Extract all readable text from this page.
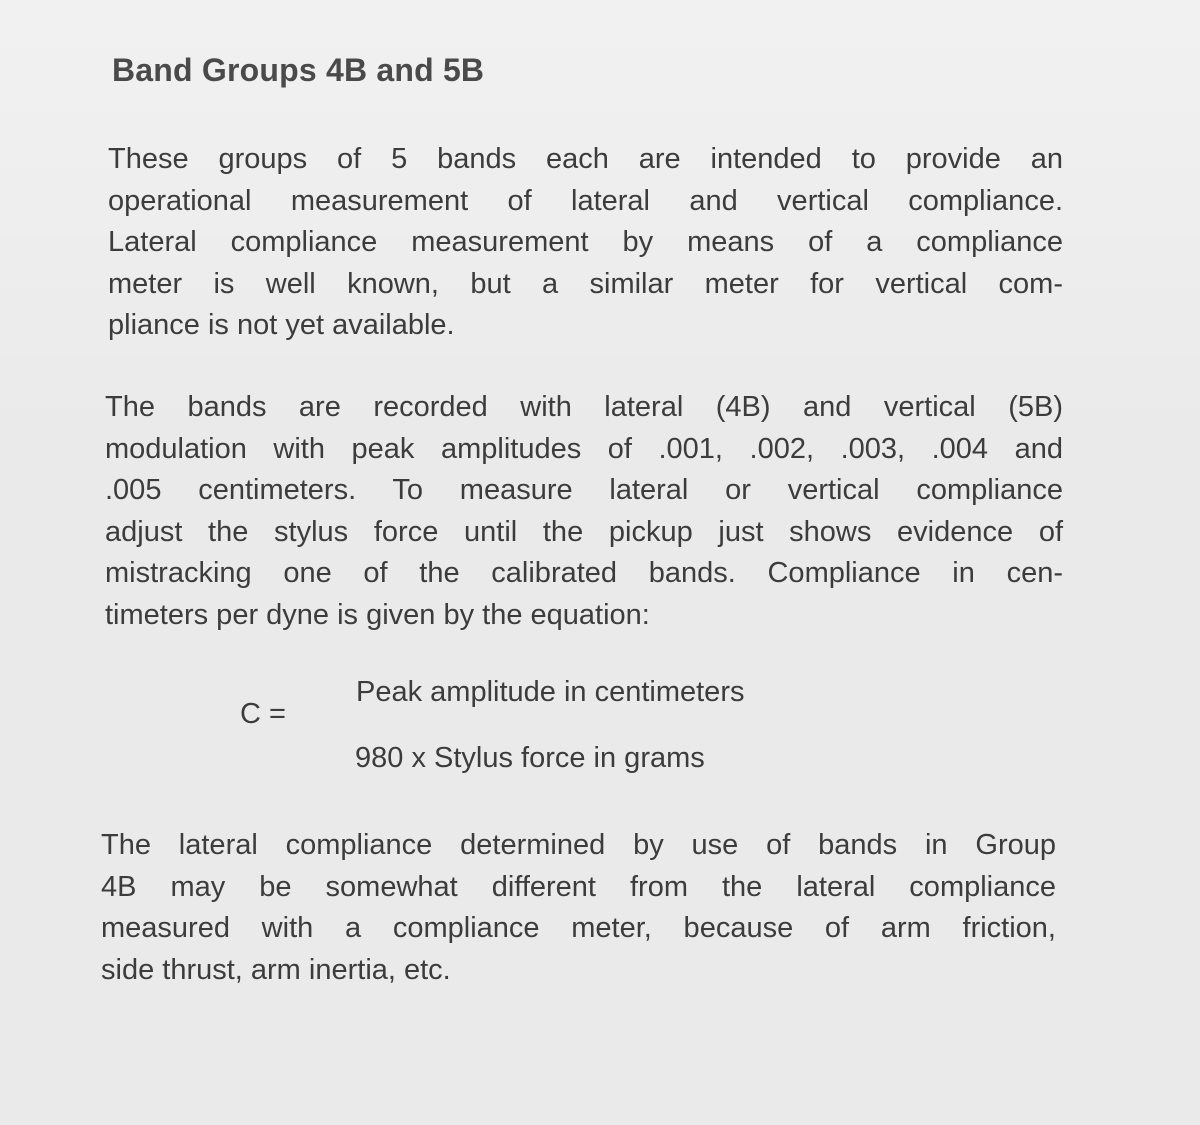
Band Groups 4B and 5B
These groups of 5 bands each are intended to provide an
operational measurement of lateral and vertical compliance.
Lateral compliance measurement by means of a compliance
meter is well known, but a similar meter for vertical com-
pliance is not yet available.
The bands are recorded with lateral (4B) and vertical (5B)
modulation with peak amplitudes of .001, .002, .003, .004 and
.005 centimeters. To measure lateral or vertical compliance
adjust the stylus force until the pickup just shows evidence of
mistracking one of the calibrated bands. Compliance in cen-
timeters per dyne is given by the equation:
C =
Peak amplitude in centimeters
980 x Stylus force in grams
The lateral compliance determined by use of bands in Group
4B may be somewhat different from the lateral compliance
measured with a compliance meter, because of arm friction,
side thrust, arm inertia, etc.
